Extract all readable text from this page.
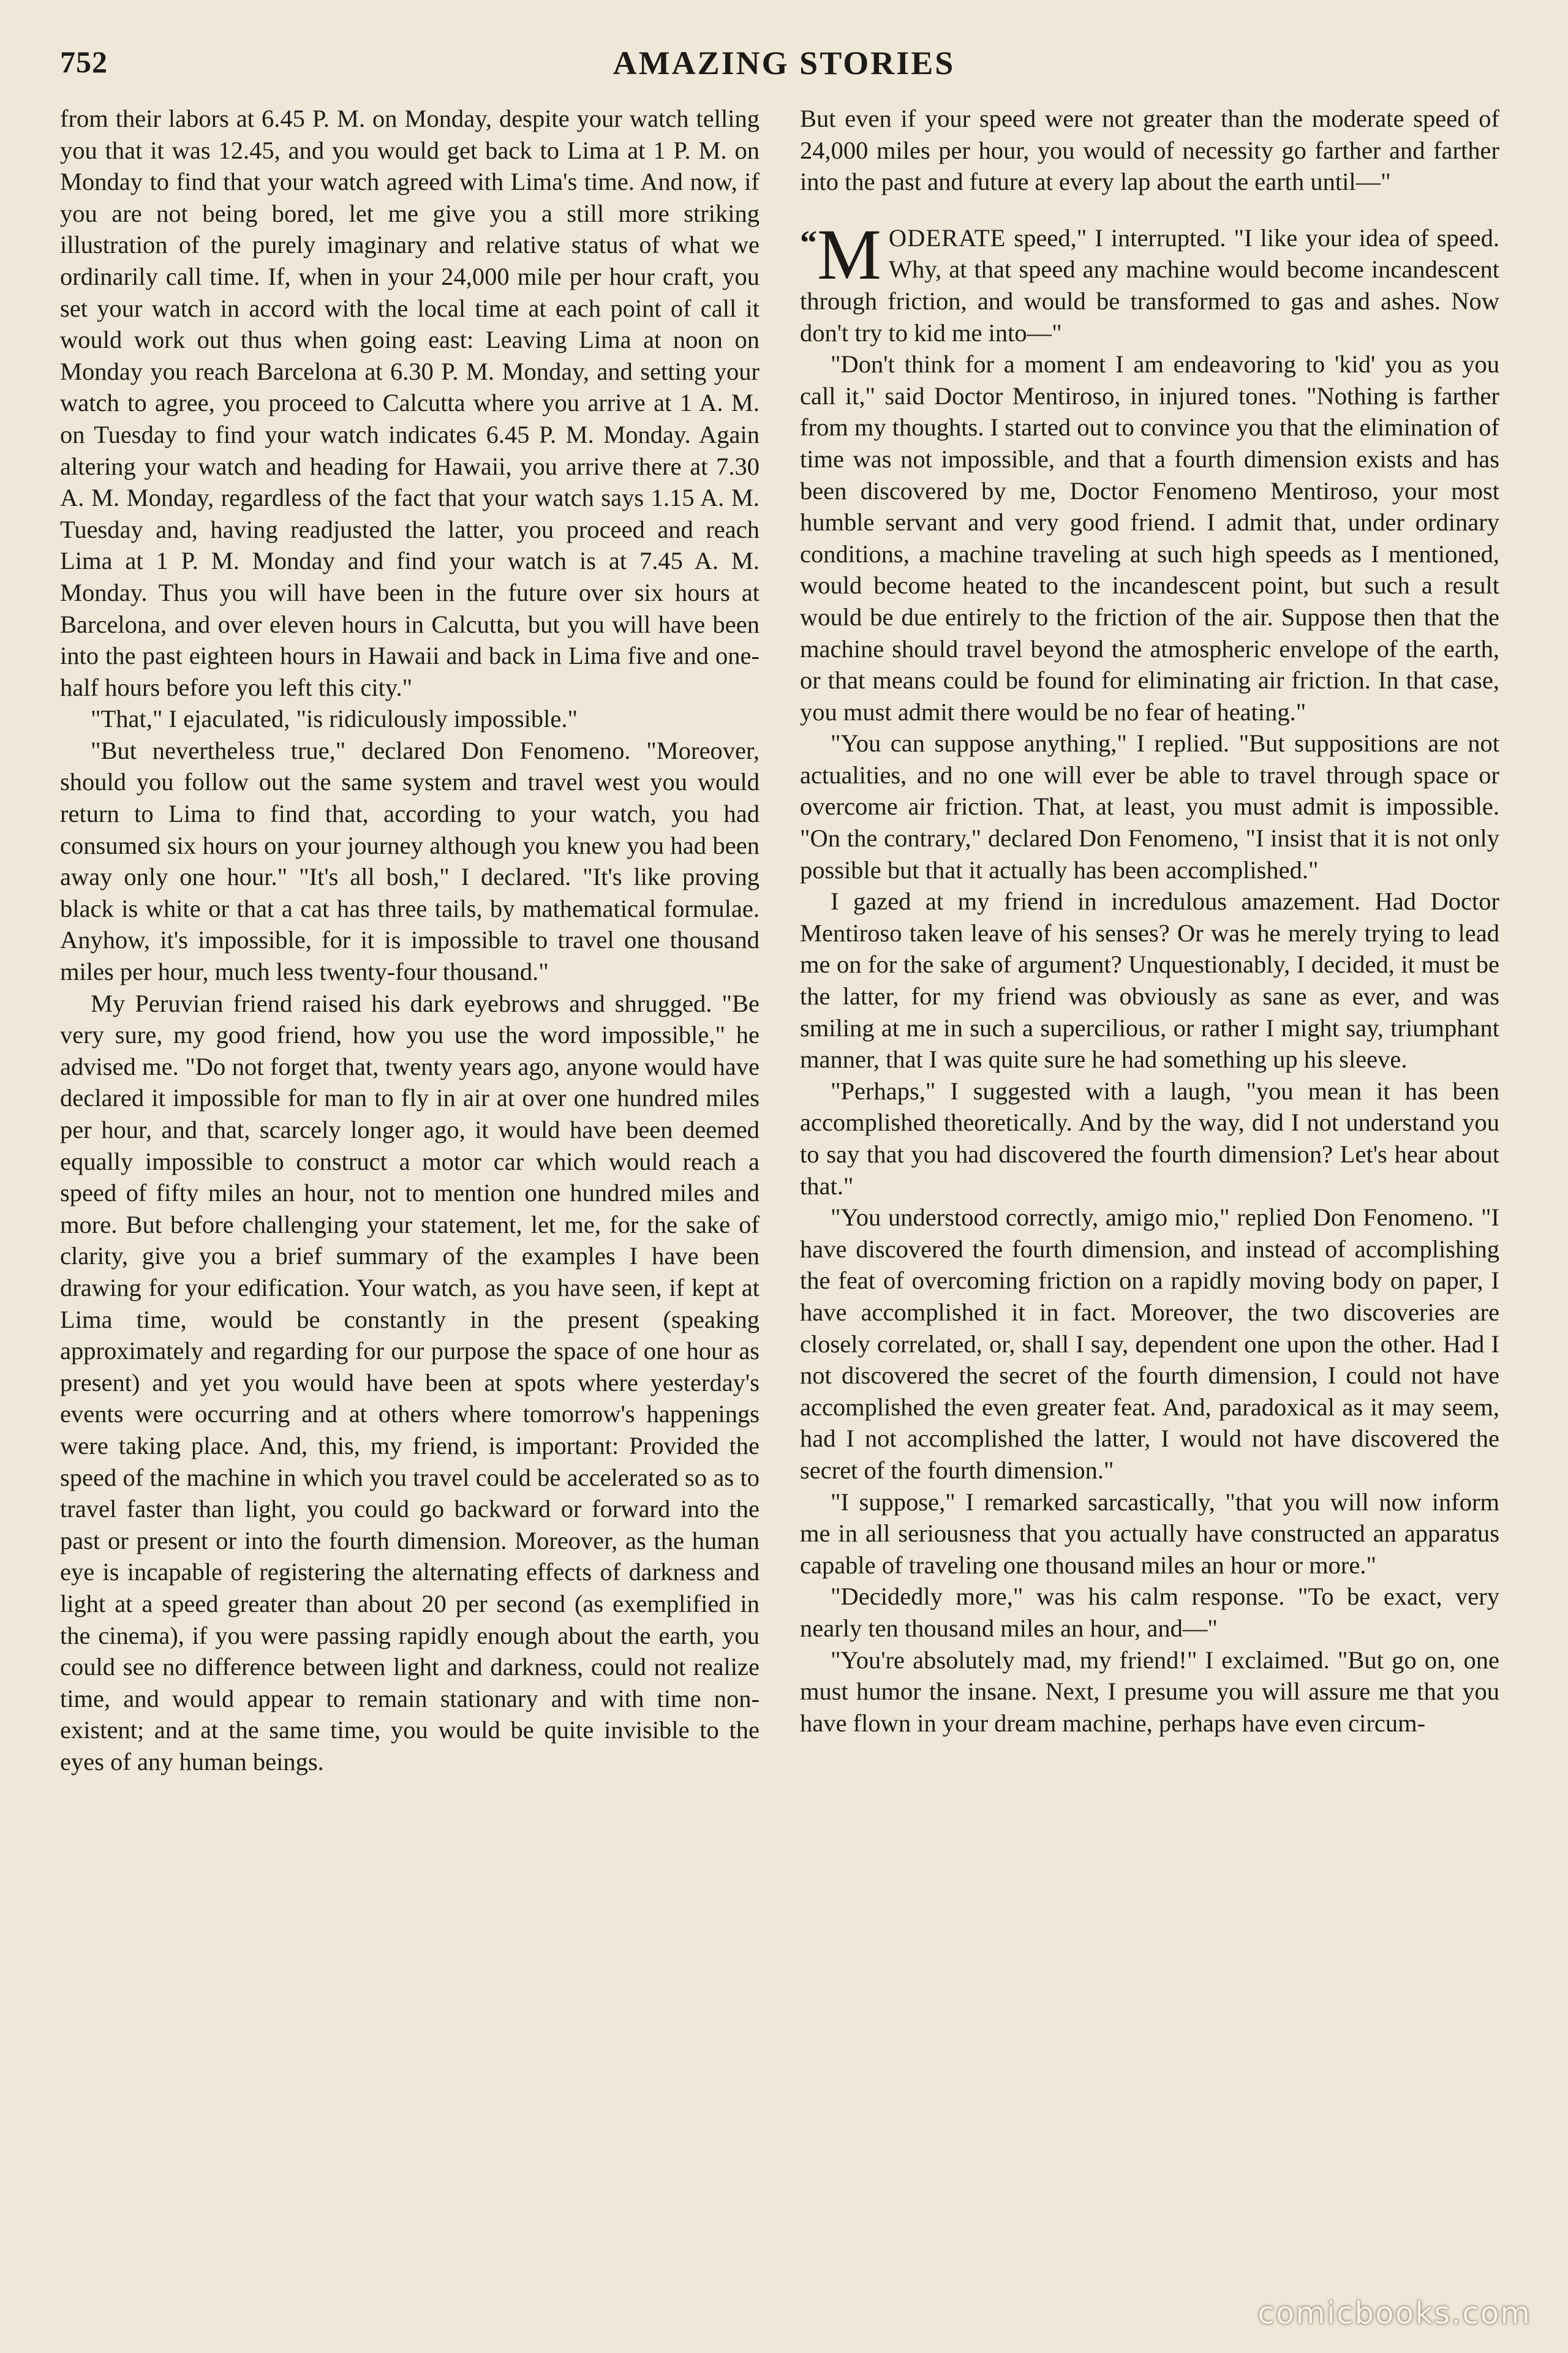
752	AMAZING STORIES

from their labors at 6.45 P. M. on Monday, despite your watch telling you that it was 12.45, and you would get back to Lima at 1 P. M. on Monday to find that your watch agreed with Lima's time. And now, if you are not being bored, let me give you a still more striking illustration of the purely imaginary and relative status of what we ordinarily call time. If, when in your 24,000 mile per hour craft, you set your watch in accord with the local time at each point of call it would work out thus when going east: Leaving Lima at noon on Monday you reach Barcelona at 6.30 P. M. Monday, and setting your watch to agree, you proceed to Calcutta where you arrive at 1 A. M. on Tuesday to find your watch indicates 6.45 P. M. Monday. Again altering your watch and heading for Hawaii, you arrive there at 7.30 A. M. Monday, regardless of the fact that your watch says 1.15 A. M. Tuesday and, having readjusted the latter, you proceed and reach Lima at 1 P. M. Monday and find your watch is at 7.45 A. M. Monday. Thus you will have been in the future over six hours at Barcelona, and over eleven hours in Calcutta, but you will have been into the past eighteen hours in Hawaii and back in Lima five and one-half hours before you left this city."

"That," I ejaculated, "is ridiculously impossible."

"But nevertheless true," declared Don Fenomeno. "Moreover, should you follow out the same system and travel west you would return to Lima to find that, according to your watch, you had consumed six hours on your journey although you knew you had been away only one hour." "It's all bosh," I declared. "It's like proving black is white or that a cat has three tails, by mathematical formulae. Anyhow, it's impossible, for it is impossible to travel one thousand miles per hour, much less twenty-four thousand."

My Peruvian friend raised his dark eyebrows and shrugged. "Be very sure, my good friend, how you use the word impossible," he advised me. "Do not forget that, twenty years ago, anyone would have declared it impossible for man to fly in air at over one hundred miles per hour, and that, scarcely longer ago, it would have been deemed equally impossible to construct a motor car which would reach a speed of fifty miles an hour, not to mention one hundred miles and more. But before challenging your statement, let me, for the sake of clarity, give you a brief summary of the examples I have been drawing for your edification. Your watch, as you have seen, if kept at Lima time, would be constantly in the present (speaking approximately and regarding for our purpose the space of one hour as present) and yet you would have been at spots where yesterday's events were occurring and at others where tomorrow's happenings were taking place. And, this, my friend, is important: Provided the speed of the machine in which you travel could be accelerated so as to travel faster than light, you could go backward or forward into the past or present or into the fourth dimension. Moreover, as the human eye is incapable of registering the alternating effects of darkness and light at a speed greater than about 20 per second (as exemplified in the cinema), if you were passing rapidly enough about the earth, you could see no difference between light and darkness, could not realize time, and would appear to remain stationary and with time non-existent; and at the same time, you would be quite invisible to the eyes of any human beings.

But even if your speed were not greater than the moderate speed of 24,000 miles per hour, you would of necessity go farther and farther into the past and future at every lap about the earth until—"

“M ODERATE speed," I interrupted. "I like your idea of speed. Why, at that speed any machine would become incandescent through friction, and would be transformed to gas and ashes. Now don't try to kid me into—"

"Don't think for a moment I am endeavoring to 'kid' you as you call it," said Doctor Mentiroso, in injured tones. "Nothing is farther from my thoughts. I started out to convince you that the elimination of time was not impossible, and that a fourth dimension exists and has been discovered by me, Doctor Fenomeno Mentiroso, your most humble servant and very good friend. I admit that, under ordinary conditions, a machine traveling at such high speeds as I mentioned, would become heated to the incandescent point, but such a result would be due entirely to the friction of the air. Suppose then that the machine should travel beyond the atmospheric envelope of the earth, or that means could be found for eliminating air friction. In that case, you must admit there would be no fear of heating."

"You can suppose anything," I replied. "But suppositions are not actualities, and no one will ever be able to travel through space or overcome air friction. That, at least, you must admit is impossible. "On the contrary," declared Don Fenomeno, "I insist that it is not only possible but that it actually has been accomplished."

I gazed at my friend in incredulous amazement. Had Doctor Mentiroso taken leave of his senses? Or was he merely trying to lead me on for the sake of argument? Unquestionably, I decided, it must be the latter, for my friend was obviously as sane as ever, and was smiling at me in such a supercilious, or rather I might say, triumphant manner, that I was quite sure he had something up his sleeve.

"Perhaps," I suggested with a laugh, "you mean it has been accomplished theoretically. And by the way, did I not understand you to say that you had discovered the fourth dimension? Let's hear about that."

"You understood correctly, amigo mio," replied Don Fenomeno. "I have discovered the fourth dimension, and instead of accomplishing the feat of overcoming friction on a rapidly moving body on paper, I have accomplished it in fact. Moreover, the two discoveries are closely correlated, or, shall I say, dependent one upon the other. Had I not discovered the secret of the fourth dimension, I could not have accomplished the even greater feat. And, paradoxical as it may seem, had I not accomplished the latter, I would not have discovered the secret of the fourth dimension."

"I suppose," I remarked sarcastically, "that you will now inform me in all seriousness that you actually have constructed an apparatus capable of traveling one thousand miles an hour or more."

"Decidedly more," was his calm response. "To be exact, very nearly ten thousand miles an hour, and—"

"You're absolutely mad, my friend!" I exclaimed. "But go on, one must humor the insane. Next, I presume you will assure me that you have flown in your dream machine, perhaps have even circum-

comicbooks.com
